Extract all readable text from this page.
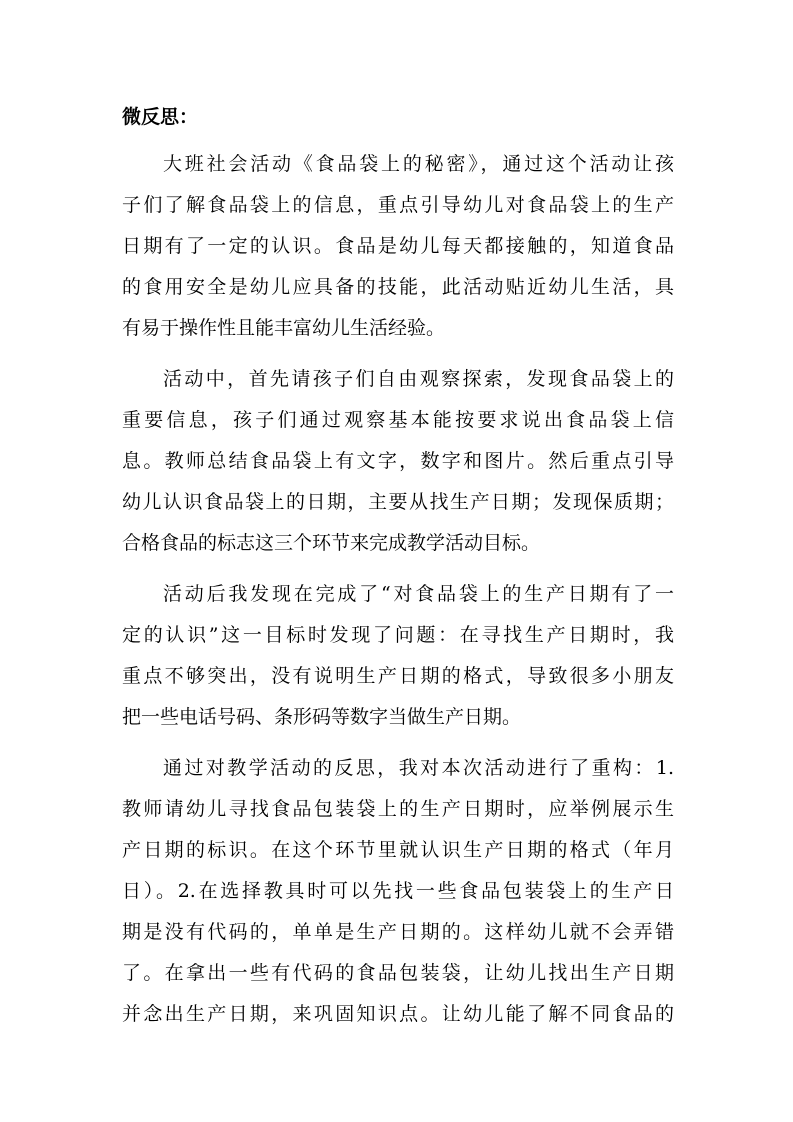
微反思：
大班社会活动《食品袋上的秘密》，通过这个活动让孩
子们了解食品袋上的信息，重点引导幼儿对食品袋上的生产
日期有了一定的认识。食品是幼儿每天都接触的，知道食品
的食用安全是幼儿应具备的技能，此活动贴近幼儿生活，具
有易于操作性且能丰富幼儿生活经验。
活动中，首先请孩子们自由观察探索，发现食品袋上的
重要信息，孩子们通过观察基本能按要求说出食品袋上信
息。教师总结食品袋上有文字，数字和图片。然后重点引导
幼儿认识食品袋上的日期，主要从找生产日期；发现保质期；
合格食品的标志这三个环节来完成教学活动目标。
活动后我发现在完成了“对食品袋上的生产日期有了一
定的认识”这一目标时发现了问题：在寻找生产日期时，我
重点不够突出，没有说明生产日期的格式，导致很多小朋友
把一些电话号码、条形码等数字当做生产日期。
通过对教学活动的反思，我对本次活动进行了重构：1.
教师请幼儿寻找食品包装袋上的生产日期时，应举例展示生
产日期的标识。在这个环节里就认识生产日期的格式（年月
日）。2.在选择教具时可以先找一些食品包装袋上的生产日
期是没有代码的，单单是生产日期的。这样幼儿就不会弄错
了。在拿出一些有代码的食品包装袋，让幼儿找出生产日期
并念出生产日期，来巩固知识点。让幼儿能了解不同食品的
